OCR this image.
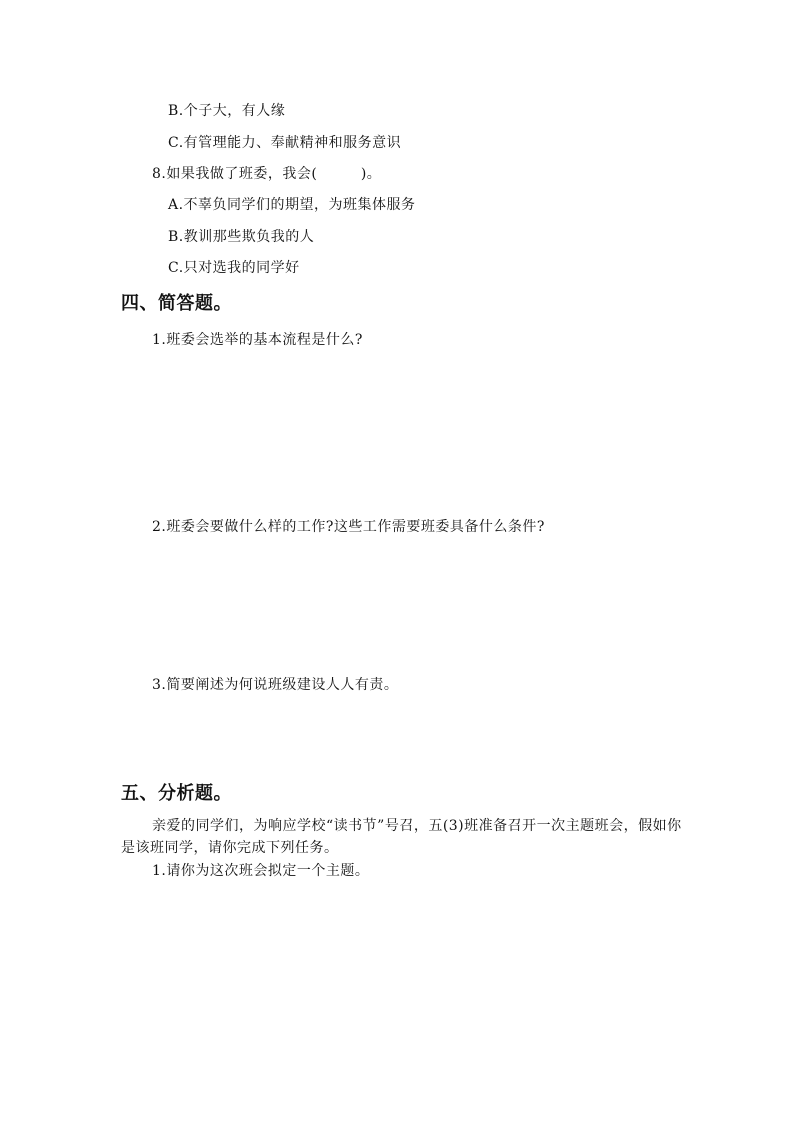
B.个子大，有人缘
C.有管理能力、奉献精神和服务意识
8.如果我做了班委，我会(　　　)。
A.不辜负同学们的期望，为班集体服务
B.教训那些欺负我的人
C.只对选我的同学好
四、简答题。
1.班委会选举的基本流程是什么?
2.班委会要做什么样的工作?这些工作需要班委具备什么条件?
3.简要阐述为何说班级建设人人有责。
五、分析题。
亲爱的同学们，为响应学校“读书节”号召，五(3)班准备召开一次主题班会，假如你是该班同学，请你完成下列任务。
1.请你为这次班会拟定一个主题。
